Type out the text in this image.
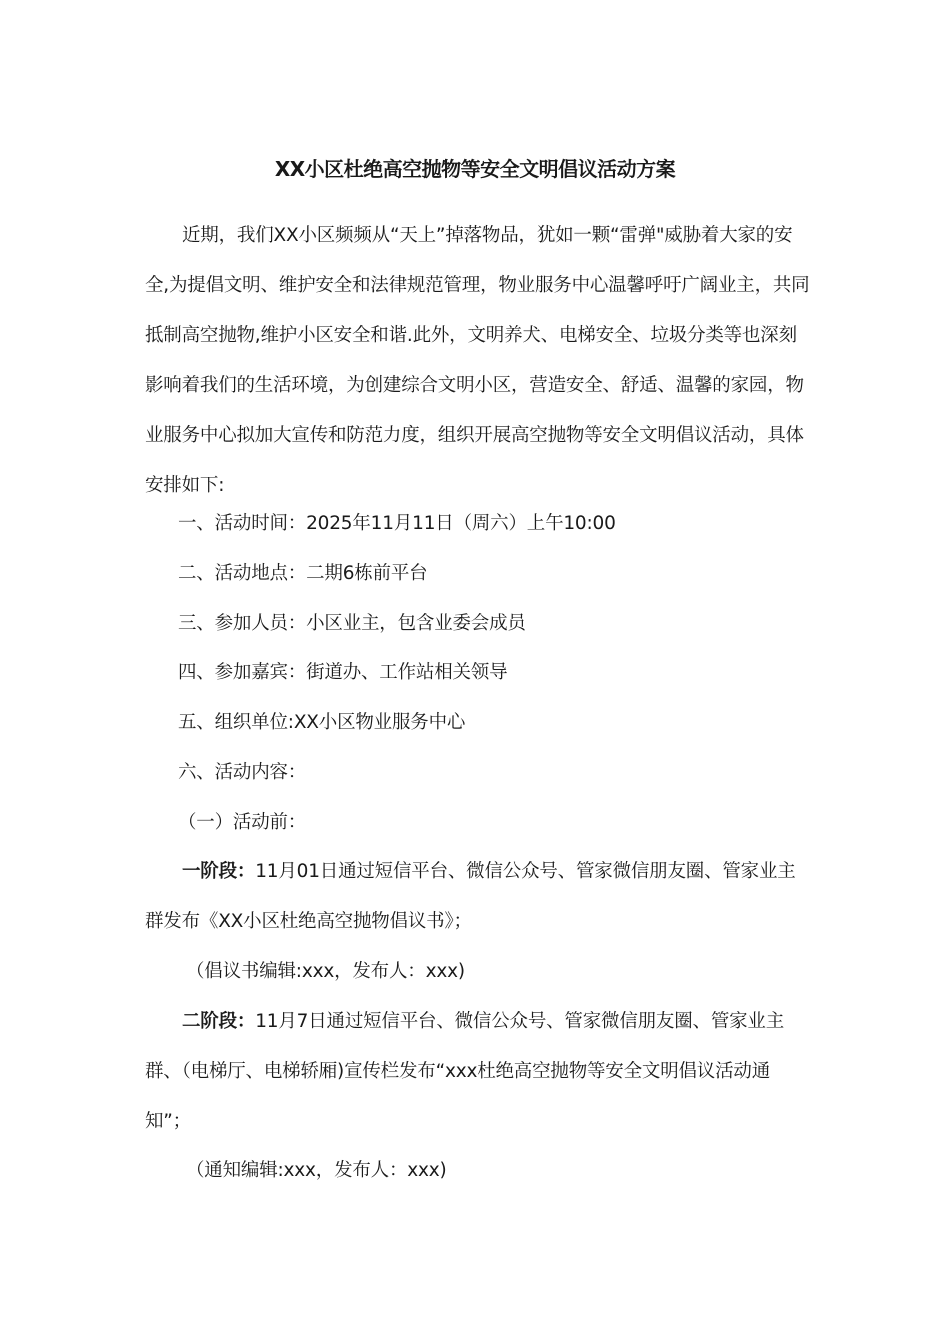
XX小区杜绝高空抛物等安全文明倡议活动方案
近期，我们XX小区频频从“天上”掉落物品，犹如一颗“雷弹"威胁着大家的安全,为提倡文明、维护安全和法律规范管理，物业服务中心温馨呼吁广阔业主，共同抵制高空抛物,维护小区安全和谐.此外，文明养犬、电梯安全、垃圾分类等也深刻影响着我们的生活环境，为创建综合文明小区，营造安全、舒适、温馨的家园，物业服务中心拟加大宣传和防范力度，组织开展高空抛物等安全文明倡议活动，具体安排如下:
一、活动时间：2025年11月11日（周六）上午10:00
二、活动地点：二期6栋前平台
三、参加人员：小区业主，包含业委会成员
四、参加嘉宾：街道办、工作站相关领导
五、组织单位:XX小区物业服务中心
六、活动内容：
（一）活动前：
一阶段：11月01日通过短信平台、微信公众号、管家微信朋友圈、管家业主群发布《XX小区杜绝高空抛物倡议书》；
（倡议书编辑:xxx，发布人：xxx)
二阶段：11月7日通过短信平台、微信公众号、管家微信朋友圈、管家业主群、（电梯厅、电梯轿厢)宣传栏发布“xxx杜绝高空抛物等安全文明倡议活动通知”；
（通知编辑:xxx，发布人：xxx)
